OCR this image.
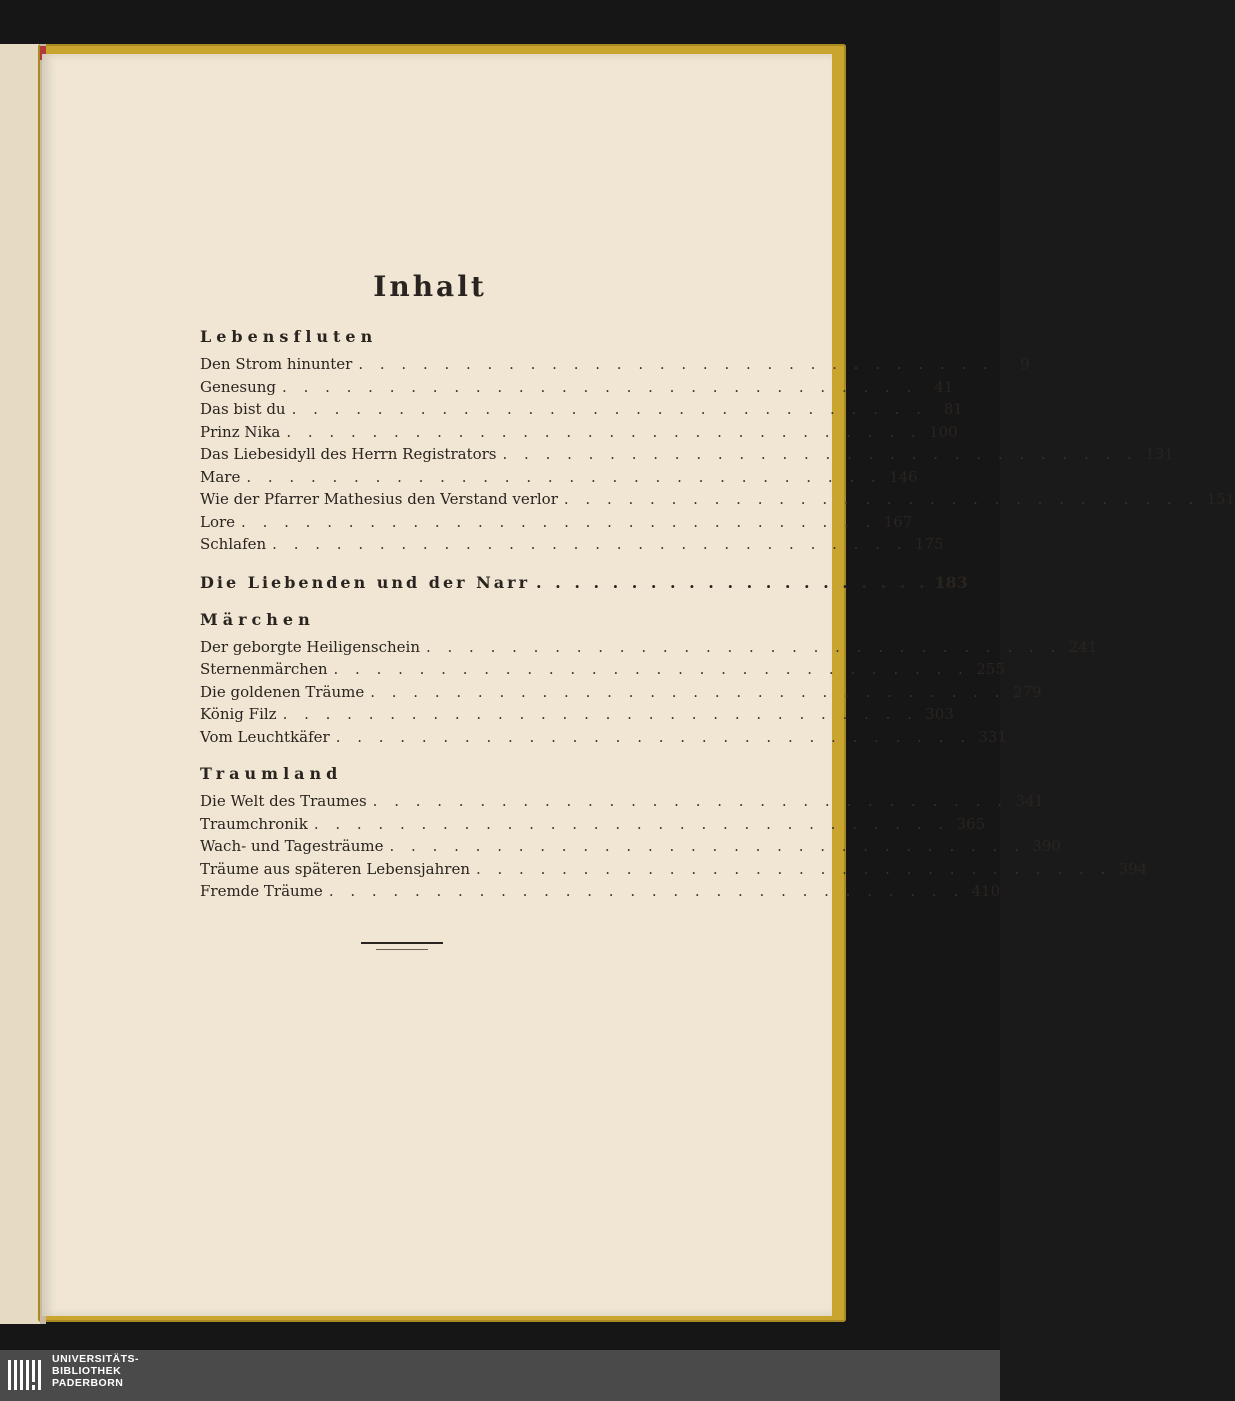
Inhalt
Lebensfluten
Den Strom hinunter . . . . . . . . . . . . . . . . . . . . . . . . . . . . . .	9
Genesung . . . . . . . . . . . . . . . . . . . . . . . . . . . . . .	41
Das bist du . . . . . . . . . . . . . . . . . . . . . . . . . . . . . .	81
Prinz Nika . . . . . . . . . . . . . . . . . . . . . . . . . . . . . . 100
Das Liebesidyll des Herrn Registrators . . . . . . . . . . . . . . . . . . . . . . . . . . . . . . 131
Mare . . . . . . . . . . . . . . . . . . . . . . . . . . . . . . 146
Wie der Pfarrer Mathesius den Verstand verlor . . . . . . . . . . . . . . . . . . . . . . . . . . . . . . 151
Lore . . . . . . . . . . . . . . . . . . . . . . . . . . . . . . 167
Schlafen . . . . . . . . . . . . . . . . . . . . . . . . . . . . . . 175
Die Liebenden und der Narr . . . . . . . . . . . . . . . . . . . . . 183
Märchen
Der geborgte Heiligenschein . . . . . . . . . . . . . . . . . . . . . . . . . . . . . . 241
Sternenmärchen . . . . . . . . . . . . . . . . . . . . . . . . . . . . . . 255
Die goldenen Träume . . . . . . . . . . . . . . . . . . . . . . . . . . . . . . 279
König Filz . . . . . . . . . . . . . . . . . . . . . . . . . . . . . . 303
Vom Leuchtkäfer . . . . . . . . . . . . . . . . . . . . . . . . . . . . . . 331
Traumland
Die Welt des Traumes . . . . . . . . . . . . . . . . . . . . . . . . . . . . . . 341
Traumchronik . . . . . . . . . . . . . . . . . . . . . . . . . . . . . . 365
Wach- und Tagesträume . . . . . . . . . . . . . . . . . . . . . . . . . . . . . . 390
Träume aus späteren Lebensjahren . . . . . . . . . . . . . . . . . . . . . . . . . . . . . . 394
Fremde Träume . . . . . . . . . . . . . . . . . . . . . . . . . . . . . . 410
UNIVERSITÄTS-
BIBLIOTHEK
PADERBORN
